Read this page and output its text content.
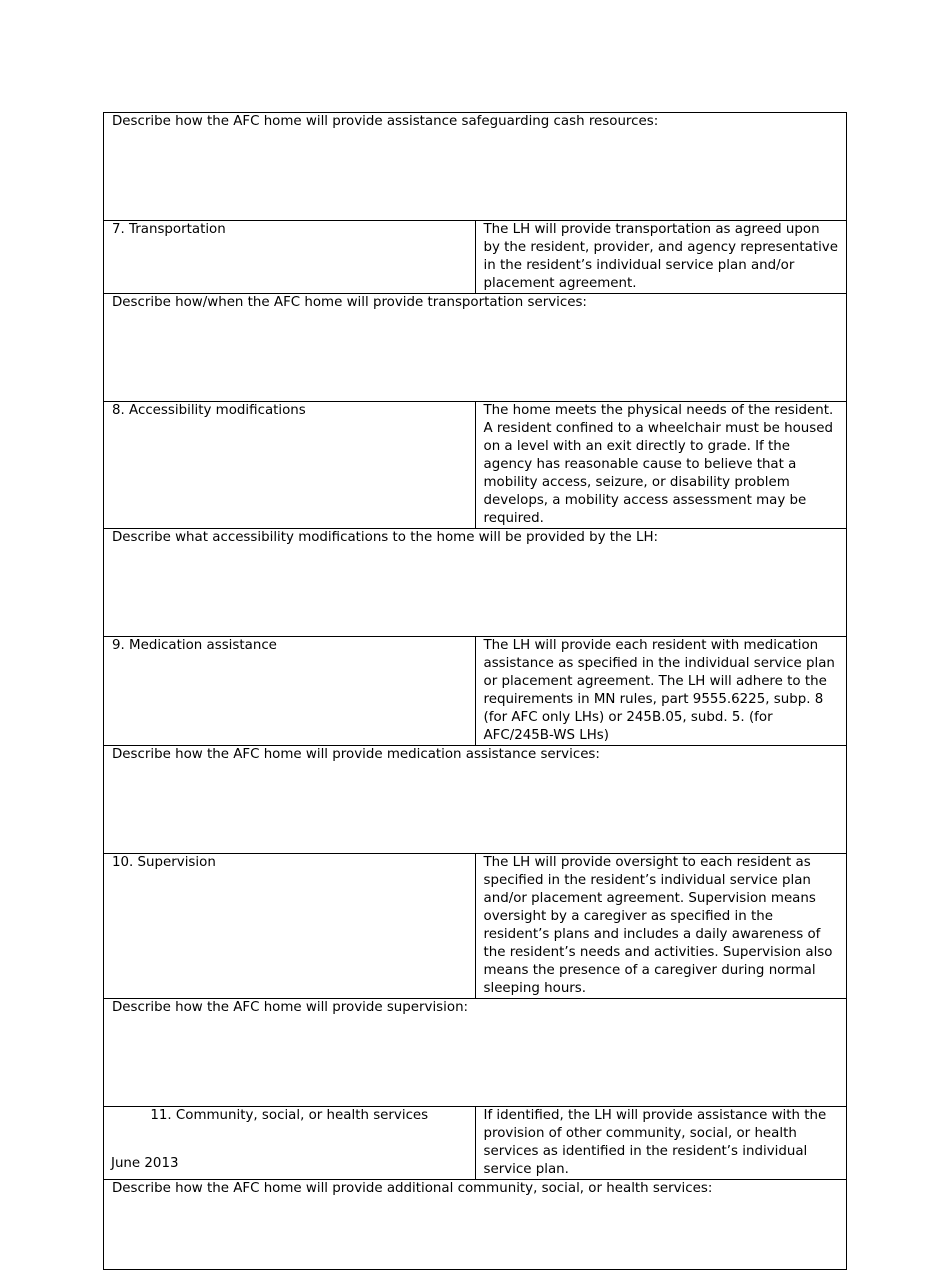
Describe how the AFC home will provide assistance safeguarding cash resources:	
7. Transportation	The LH will provide transportation as agreed upon by the resident, provider, and agency representative in the resident’s individual service plan and/or placement agreement.
Describe how/when the AFC home will provide transportation services:	

8. Accessibility modifications	The home meets the physical needs of the resident. A resident confined to a wheelchair must be housed on a level with an exit directly to grade. If the agency has reasonable cause to believe that a mobility access, seizure, or disability problem develops, a mobility access assessment may be required.
Describe what accessibility modifications to the home will be provided by the LH:	

9. Medication assistance	The LH will provide each resident with medication assistance as specified in the individual service plan or placement agreement. The LH will adhere to the requirements in MN rules, part 9555.6225, subp. 8 (for AFC only LHs) or 245B.05, subd. 5. (for AFC/245B-WS LHs)
Describe how the AFC home will provide medication assistance services:	
10. Supervision	The LH will provide oversight to each resident as specified in the resident’s individual service plan and/or placement agreement. Supervision means oversight by a caregiver as specified in the resident’s plans and includes a daily awareness of the resident’s needs and activities. Supervision also means the presence of a caregiver during normal sleeping hours.
Describe how the AFC home will provide supervision:	

11. Community, social, or health services	If identified, the LH will provide assistance with the provision of other community, social, or health services as identified in the resident’s individual service plan.
Describe how the AFC home will provide additional community, social, or health services:	
June 2013
